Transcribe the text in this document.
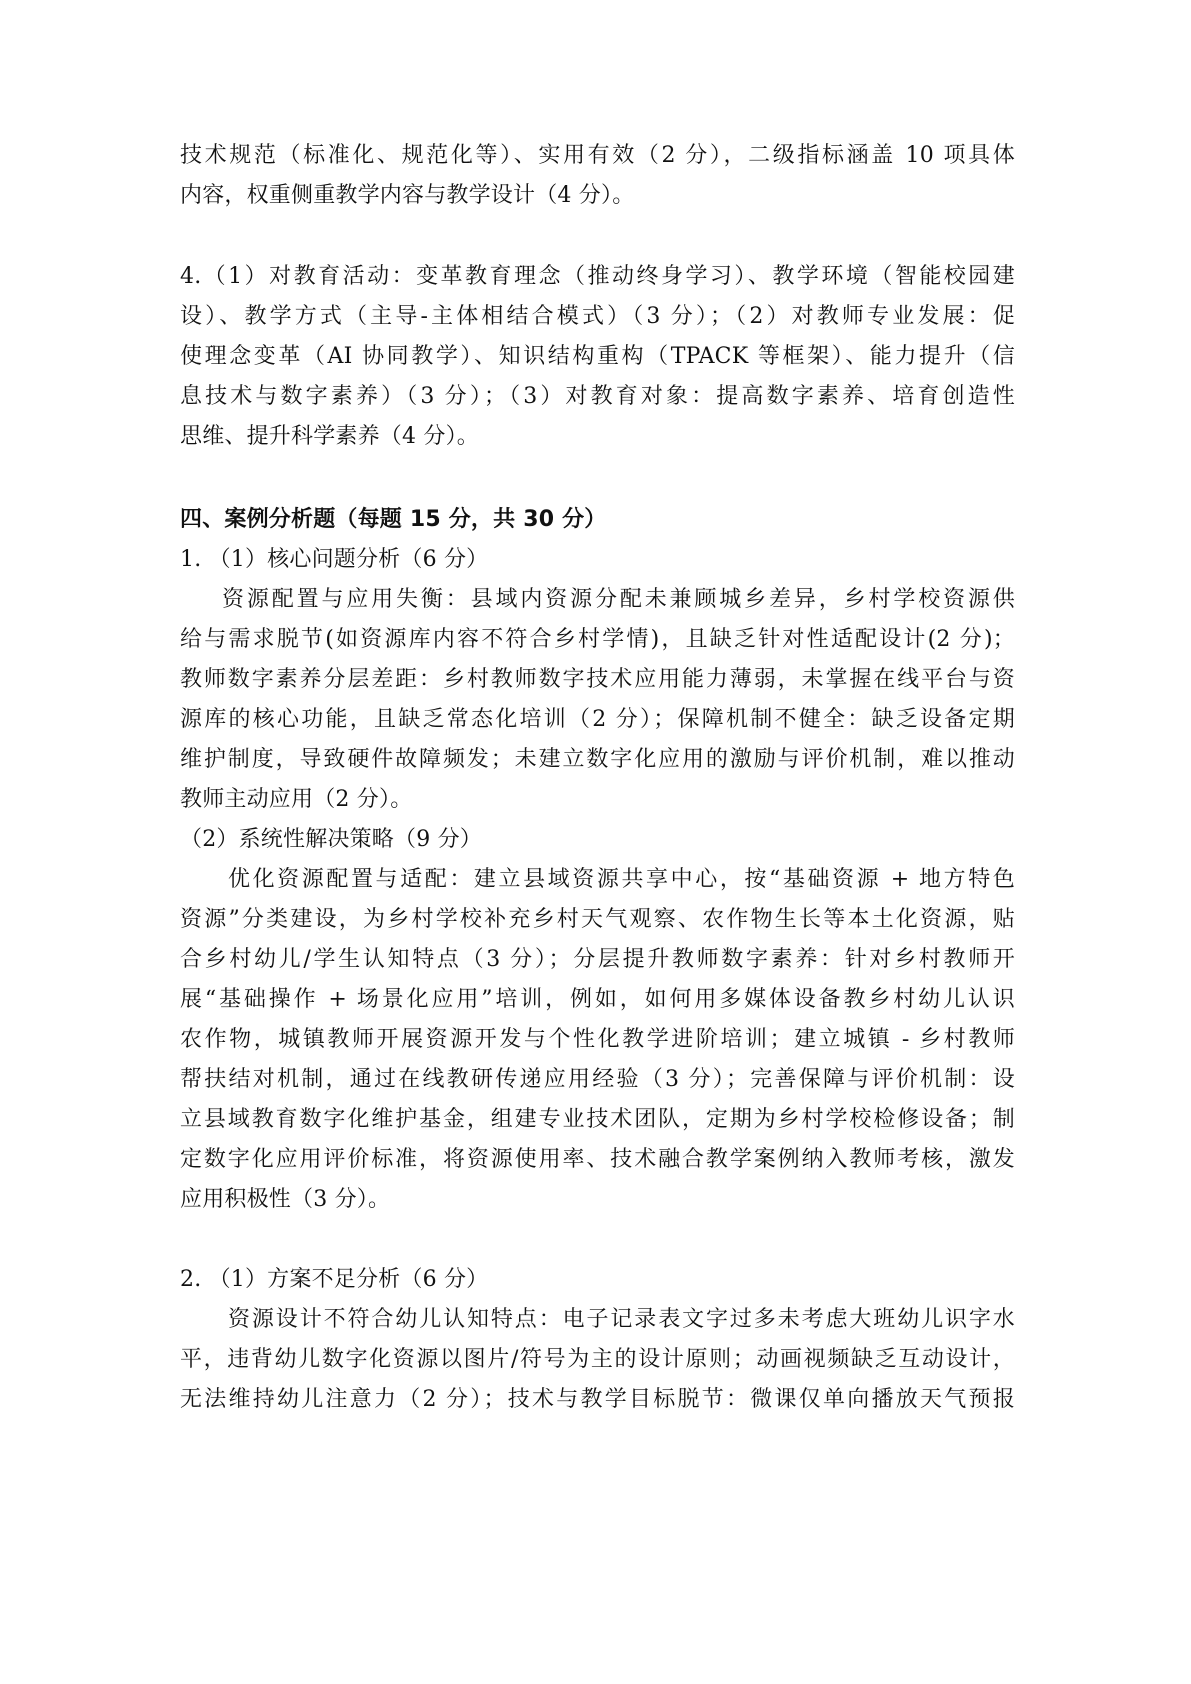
技术规范（标准化、规范化等）、实用有效（2 分），二级指标涵盖 10 项具体
内容，权重侧重教学内容与教学设计（4 分）。
4.（1）对教育活动：变革教育理念（推动终身学习）、教学环境（智能校园建
设）、教学方式（主导-主体相结合模式）（3 分）；（2）对教师专业发展：促
使理念变革（AI 协同教学）、知识结构重构（TPACK 等框架）、能力提升（信
息技术与数字素养）（3 分）；（3）对教育对象：提高数字素养、培育创造性
思维、提升科学素养（4 分）。
四、案例分析题（每题 15 分，共 30 分）
1. （1）核心问题分析（6 分）
资源配置与应用失衡：县域内资源分配未兼顾城乡差异，乡村学校资源供
给与需求脱节(如资源库内容不符合乡村学情)，且缺乏针对性适配设计(2 分)；
教师数字素养分层差距：乡村教师数字技术应用能力薄弱，未掌握在线平台与资
源库的核心功能，且缺乏常态化培训（2 分）；保障机制不健全：缺乏设备定期
维护制度，导致硬件故障频发；未建立数字化应用的激励与评价机制，难以推动
教师主动应用（2 分）。
（2）系统性解决策略（9 分）
优化资源配置与适配：建立县域资源共享中心，按“基础资源 + 地方特色
资源”分类建设，为乡村学校补充乡村天气观察、农作物生长等本土化资源，贴
合乡村幼儿/学生认知特点（3 分）；分层提升教师数字素养：针对乡村教师开
展“基础操作 + 场景化应用”培训，例如，如何用多媒体设备教乡村幼儿认识
农作物，城镇教师开展资源开发与个性化教学进阶培训；建立城镇 - 乡村教师
帮扶结对机制，通过在线教研传递应用经验（3 分）；完善保障与评价机制：设
立县域教育数字化维护基金，组建专业技术团队，定期为乡村学校检修设备；制
定数字化应用评价标准，将资源使用率、技术融合教学案例纳入教师考核，激发
应用积极性（3 分）。
2. （1）方案不足分析（6 分）
资源设计不符合幼儿认知特点：电子记录表文字过多未考虑大班幼儿识字水
平，违背幼儿数字化资源以图片/符号为主的设计原则；动画视频缺乏互动设计，
无法维持幼儿注意力（2 分）；技术与教学目标脱节：微课仅单向播放天气预报
